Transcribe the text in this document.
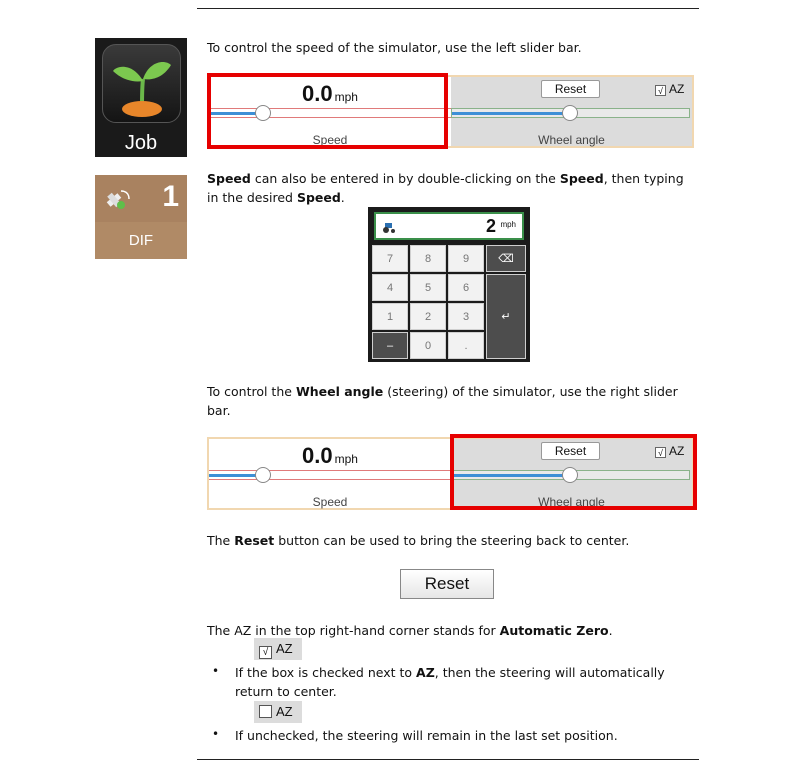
Job
1
DIF
To control the speed of the simulator, use the left slider bar.
0.0 mph
Speed
Reset	√ AZ
Wheel angle
Speed can also be entered in by double-clicking on the Speed, then typing in the desired Speed.
2 mph
7	8	9	⌫
4	5	6
↵
1	2	3
–	0	.
To control the Wheel angle (steering) of the simulator, use the right slider bar.
0.0 mph
Speed
Reset	√ AZ
Wheel angle
The Reset button can be used to bring the steering back to center.
Reset
The AZ in the top right-hand corner stands for Automatic Zero.
√ AZ
• If the box is checked next to AZ, then the steering will automatically return to center.
AZ
• If unchecked, the steering will remain in the last set position.
